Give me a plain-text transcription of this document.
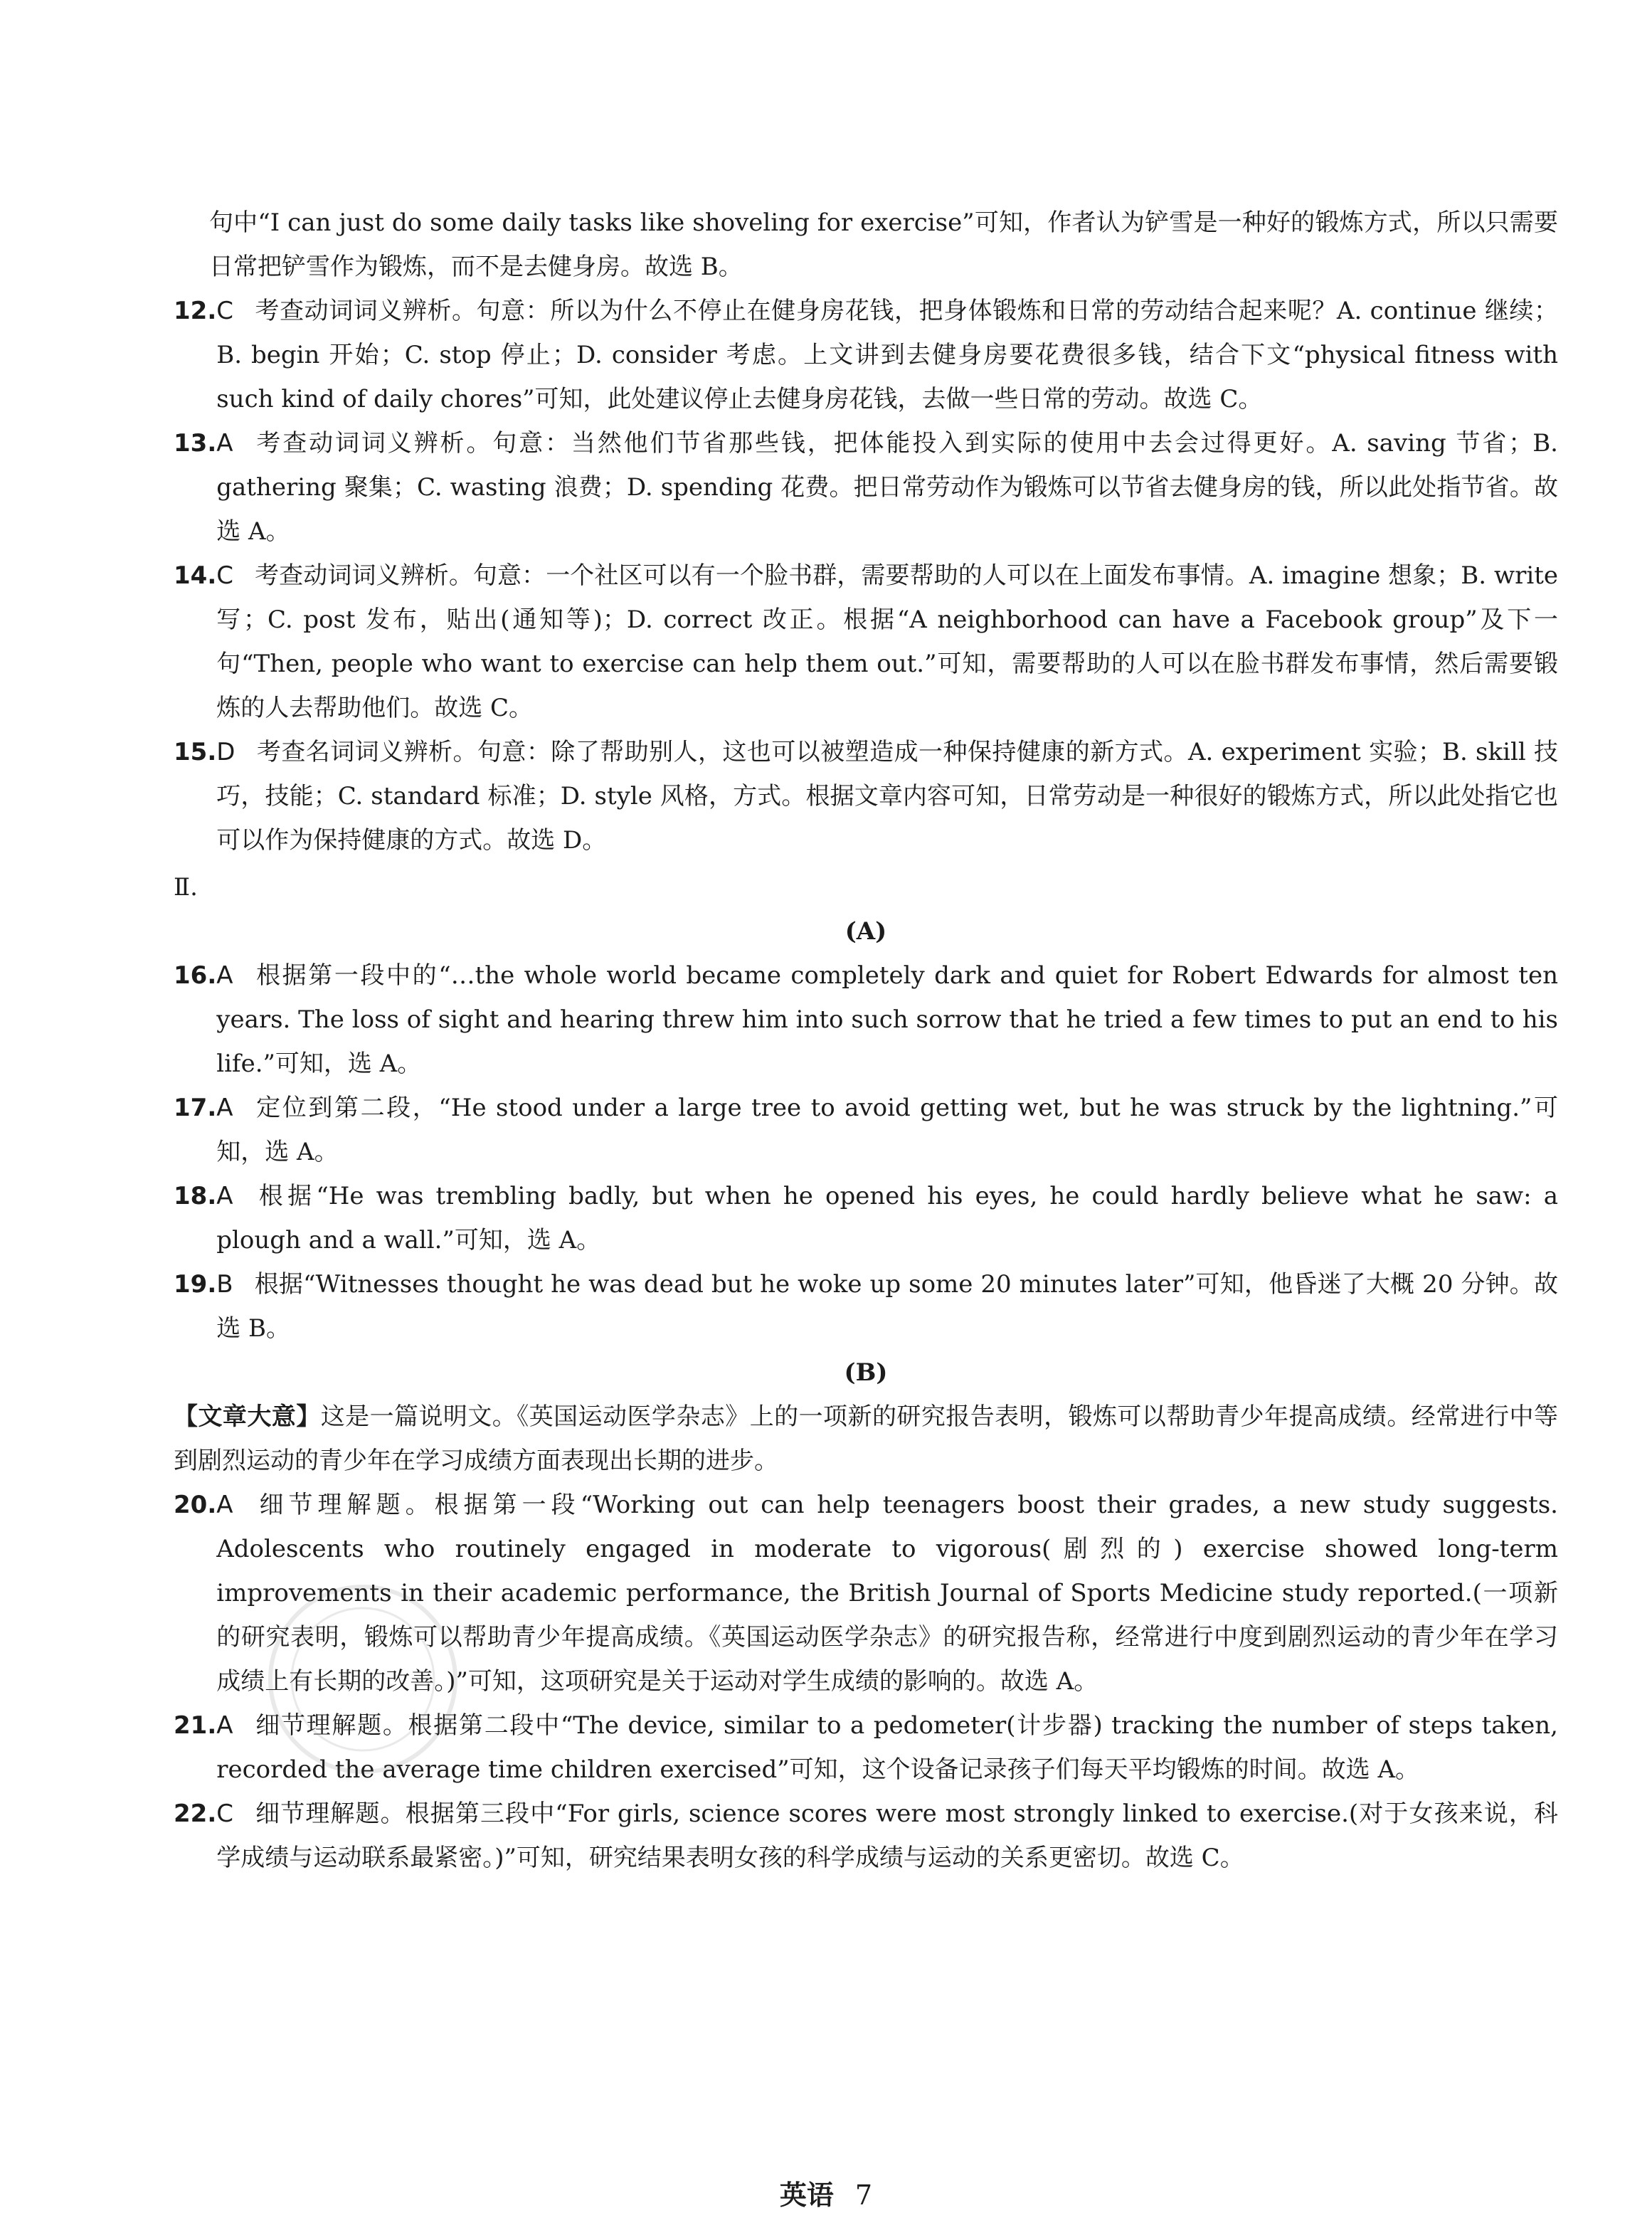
句中“I can just do some daily tasks like shoveling for exercise”可知，作者认为铲雪是一种好的锻炼方式，所以只需要日常把铲雪作为锻炼，而不是去健身房。故选 B。

12. C 考查动词词义辨析。句意：所以为什么不停止在健身房花钱，把身体锻炼和日常的劳动结合起来呢？A. continue 继续；B. begin 开始；C. stop 停止；D. consider 考虑。上文讲到去健身房要花费很多钱，结合下文“physical fitness with such kind of daily chores”可知，此处建议停止去健身房花钱，去做一些日常的劳动。故选 C。
13. A 考查动词词义辨析。句意：当然他们节省那些钱，把体能投入到实际的使用中去会过得更好。A. saving 节省；B. gathering 聚集；C. wasting 浪费；D. spending 花费。把日常劳动作为锻炼可以节省去健身房的钱，所以此处指节省。故选 A。
14. C 考查动词词义辨析。句意：一个社区可以有一个脸书群，需要帮助的人可以在上面发布事情。A. imagine 想象；B. write 写；C. post 发布，贴出(通知等)；D. correct 改正。根据“A neighborhood can have a Facebook group”及下一句“Then, people who want to exercise can help them out.”可知，需要帮助的人可以在脸书群发布事情，然后需要锻炼的人去帮助他们。故选 C。
15. D 考查名词词义辨析。句意：除了帮助别人，这也可以被塑造成一种保持健康的新方式。A. experiment 实验；B. skill 技巧，技能；C. standard 标准；D. style 风格，方式。根据文章内容可知，日常劳动是一种很好的锻炼方式，所以此处指它也可以作为保持健康的方式。故选 D。

Ⅱ.

(A)

16. A 根据第一段中的“…the whole world became completely dark and quiet for Robert Edwards for almost ten years. The loss of sight and hearing threw him into such sorrow that he tried a few times to put an end to his life.”可知，选 A。
17. A 定位到第二段，“He stood under a large tree to avoid getting wet, but he was struck by the lightning.”可知，选 A。
18. A 根据“He was trembling badly, but when he opened his eyes, he could hardly believe what he saw: a plough and a wall.”可知，选 A。
19. B 根据“Witnesses thought he was dead but he woke up some 20 minutes later”可知，他昏迷了大概 20 分钟。故选 B。

(B)

【文章大意】这是一篇说明文。《英国运动医学杂志》上的一项新的研究报告表明，锻炼可以帮助青少年提高成绩。经常进行中等到剧烈运动的青少年在学习成绩方面表现出长期的进步。

20. A 细节理解题。根据第一段“Working out can help teenagers boost their grades, a new study suggests. Adolescents who routinely engaged in moderate to vigorous(剧烈的) exercise showed long-term improvements in their academic performance, the British Journal of Sports Medicine study reported.(一项新的研究表明，锻炼可以帮助青少年提高成绩。《英国运动医学杂志》的研究报告称，经常进行中度到剧烈运动的青少年在学习成绩上有长期的改善。)”可知，这项研究是关于运动对学生成绩的影响的。故选 A。
21. A 细节理解题。根据第二段中“The device, similar to a pedometer(计步器) tracking the number of steps taken, recorded the average time children exercised”可知，这个设备记录孩子们每天平均锻炼的时间。故选 A。
22. C 细节理解题。根据第三段中“For girls, science scores were most strongly linked to exercise.(对于女孩来说，科学成绩与运动联系最紧密。)”可知，研究结果表明女孩的科学成绩与运动的关系更密切。故选 C。
英语 7
